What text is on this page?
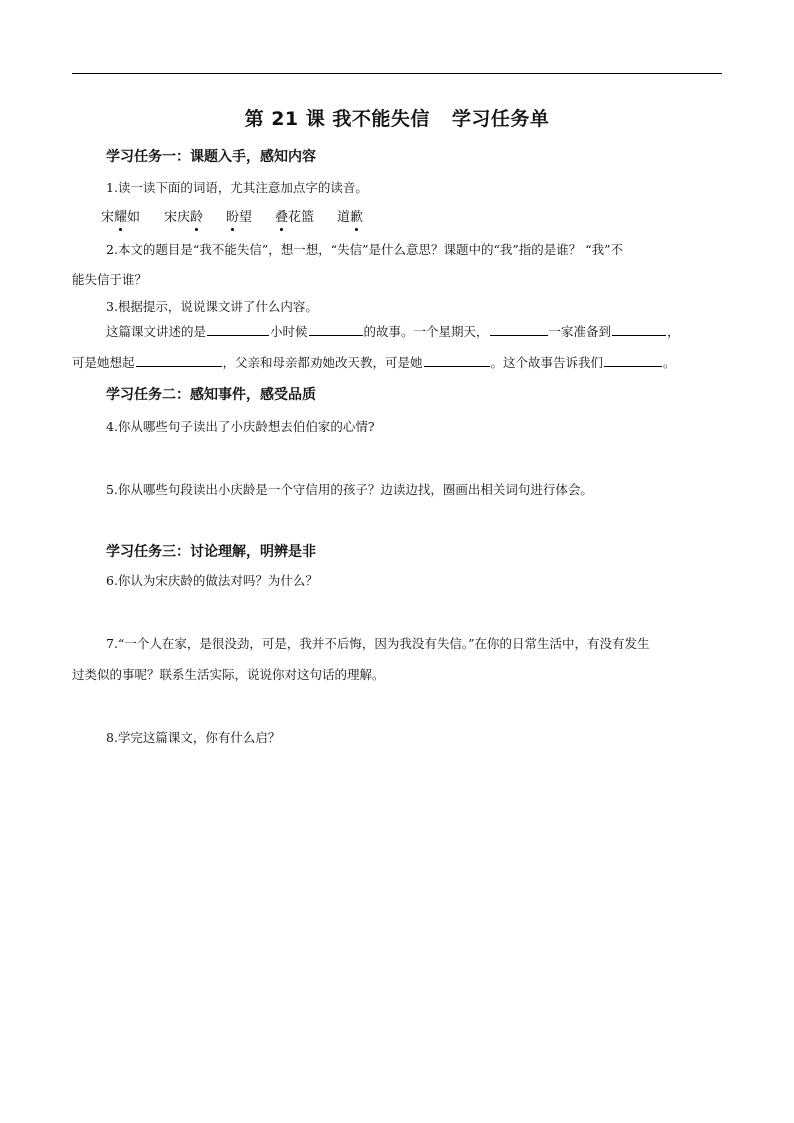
第 21 课 我不能失信 学习任务单
学习任务一：课题入手，感知内容
1.读一读下面的词语，尤其注意加点字的读音。
宋耀如 宋庆龄 盼望 叠花篮 道歉
2.本文的题目是“我不能失信”，想一想，“失信”是什么意思？课题中的“我”指的是谁？ “我”不
能失信于谁？
3.根据提示，说说课文讲了什么内容。
这篇课文讲述的是	小时候	的故事。一个星期天，	一家准备到	，
可是她想起	，父亲和母亲都劝她改天教，可是她	。这个故事告诉我们	。
学习任务二：感知事件，感受品质
4.你从哪些句子读出了小庆龄想去伯伯家的心情?
5.你从哪些句段读出小庆龄是一个守信用的孩子？边读边找，圈画出相关词句进行体会。
学习任务三：讨论理解，明辨是非
6.你认为宋庆龄的做法对吗？为什么？
7.“一个人在家，是很没劲，可是，我并不后悔，因为我没有失信。”在你的日常生活中，有没有发生
过类似的事呢？联系生活实际，说说你对这句话的理解。
8.学完这篇课文，你有什么启？
